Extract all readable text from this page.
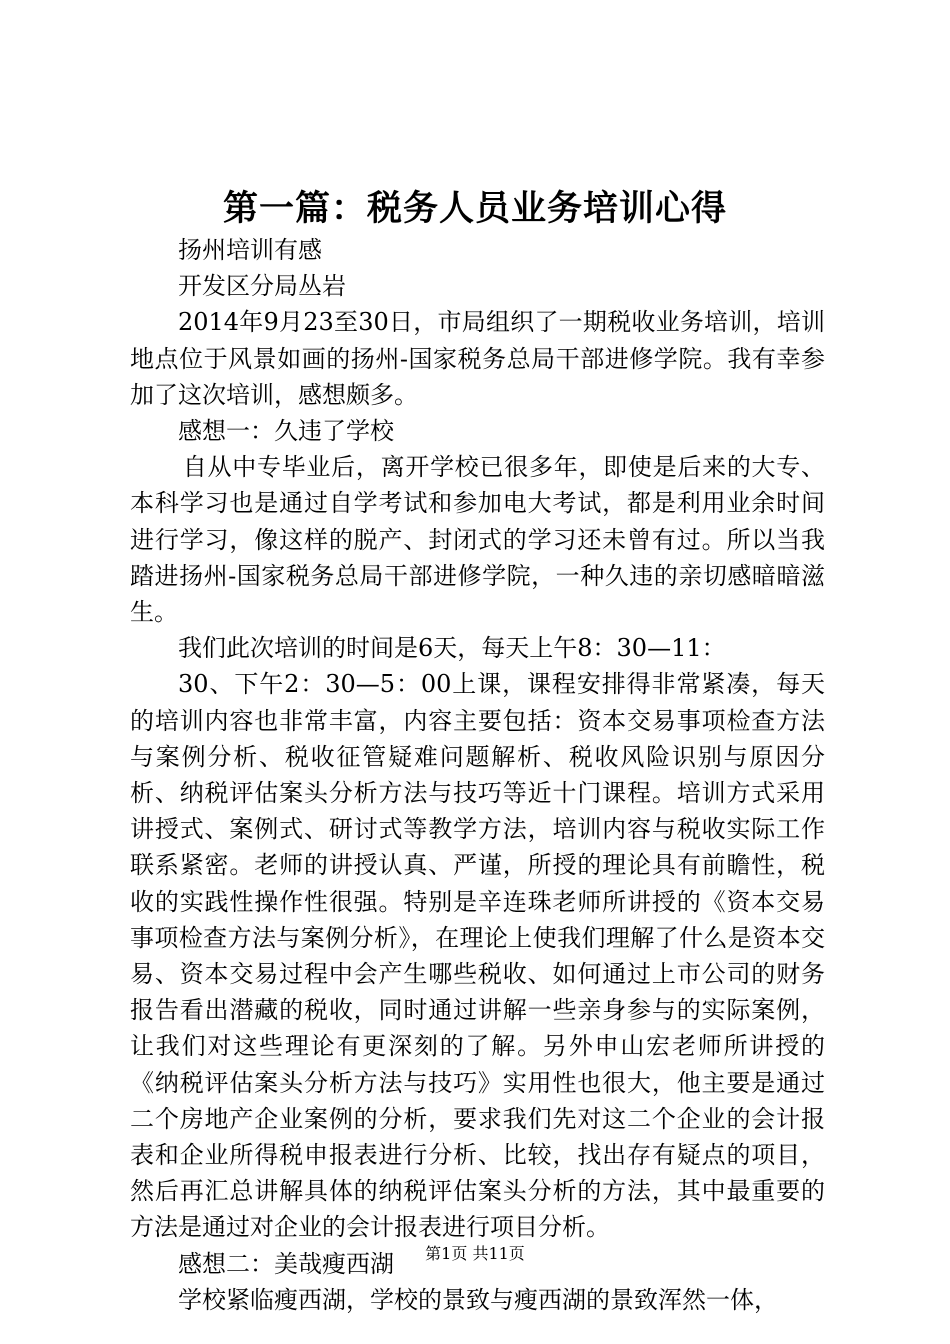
第一篇：税务人员业务培训心得

扬州培训有感

开发区分局丛岩

2014年9月23至30日，市局组织了一期税收业务培训，培训地点位于风景如画的扬州-国家税务总局干部进修学院。我有幸参加了这次培训，感想颇多。

感想一：久违了学校

自从中专毕业后，离开学校已很多年，即使是后来的大专、本科学习也是通过自学考试和参加电大考试，都是利用业余时间进行学习，像这样的脱产、封闭式的学习还未曾有过。所以当我踏进扬州-国家税务总局干部进修学院，一种久违的亲切感暗暗滋生。

我们此次培训的时间是6天，每天上午8：30—11：

30、下午2：30—5：00上课，课程安排得非常紧凑，每天的培训内容也非常丰富，内容主要包括：资本交易事项检查方法与案例分析、税收征管疑难问题解析、税收风险识别与原因分析、纳税评估案头分析方法与技巧等近十门课程。培训方式采用讲授式、案例式、研讨式等教学方法，培训内容与税收实际工作联系紧密。老师的讲授认真、严谨，所授的理论具有前瞻性，税收的实践性操作性很强。特别是辛连珠老师所讲授的《资本交易事项检查方法与案例分析》，在理论上使我们理解了什么是资本交易、资本交易过程中会产生哪些税收、如何通过上市公司的财务报告看出潜藏的税收，同时通过讲解一些亲身参与的实际案例，让我们对这些理论有更深刻的了解。另外申山宏老师所讲授的《纳税评估案头分析方法与技巧》实用性也很大，他主要是通过二个房地产企业案例的分析，要求我们先对这二个企业的会计报表和企业所得税申报表进行分析、比较，找出存有疑点的项目，然后再汇总讲解具体的纳税评估案头分析的方法，其中最重要的方法是通过对企业的会计报表进行项目分析。

感想二：美哉瘦西湖

学校紧临瘦西湖，学校的景致与瘦西湖的景致浑然一体，

第1页 共11页
